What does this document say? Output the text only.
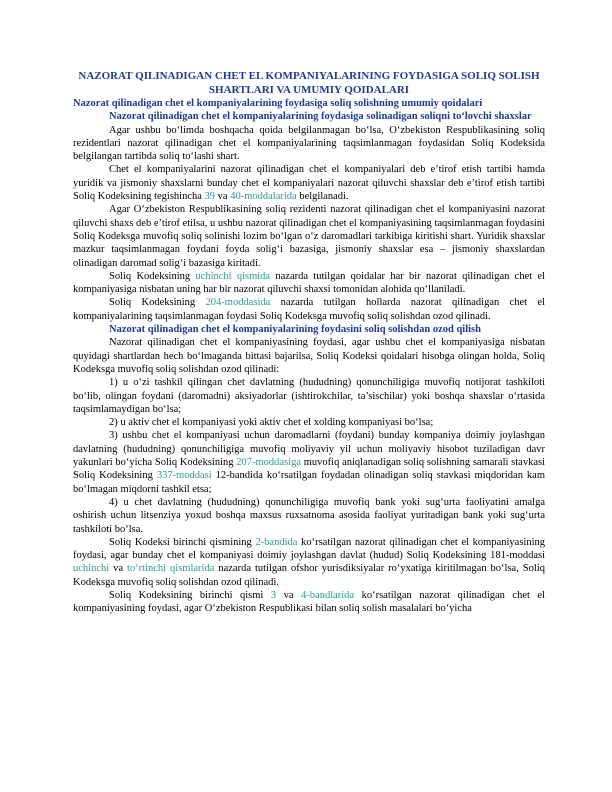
NAZORAT QILINADIGAN CHET EL KOMPANIYALARINING FOYDASIGA SOLIQ SOLISH SHARTLARI VA UMUMIY QOIDALARI

Nazorat qilinadigan chet el kompaniyalarining foydasiga soliq solishning umumiy qoidalari

Nazorat qilinadigan chet el kompaniyalarining foydasiga solinadigan soliqni to‘lovchi shaxslar

Agar ushbu bo‘limda boshqacha qoida belgilanmagan bo‘lsa, O‘zbekiston Respublikasining soliq rezidentlari nazorat qilinadigan chet el kompaniyalarining taqsimlanmagan foydasidan Soliq Kodeksida belgilangan tartibda soliq to‘lashi shart.

Chet el kompaniyalarini nazorat qilinadigan chet el kompaniyalari deb e’tirof etish tartibi hamda yuridik va jismoniy shaxslarni bunday chet el kompaniyalari nazorat qiluvchi shaxslar deb e’tirof etish tartibi Soliq Kodeksining tegishincha 39 va 40-moddalarida belgilanadi.

Agar O‘zbekiston Respublikasining soliq rezidenti nazorat qilinadigan chet el kompaniyasini nazorat qiluvchi shaxs deb e’tirof etilsa, u ushbu nazorat qilinadigan chet el kompaniyasining taqsimlanmagan foydasini Soliq Kodeksga muvofiq soliq solinishi lozim bo‘lgan o‘z daromadlari tarkibiga kiritishi shart. Yuridik shaxslar mazkur taqsimlanmagan foydani foyda solig‘i bazasiga, jismoniy shaxslar esa – jismoniy shaxslardan olinadigan daromad solig‘i bazasiga kiritadi.

Soliq Kodeksining uchinchi qismida nazarda tutilgan qoidalar har bir nazorat qilinadigan chet el kompaniyasiga nisbatan uning har bir nazorat qiluvchi shaxsi tomonidan alohida qo‘llaniladi.

Soliq Kodeksining 204-moddasida nazarda tutilgan hollarda nazorat qilinadigan chet el kompaniyalarining taqsimlanmagan foydasi Soliq Kodeksga muvofiq soliq solishdan ozod qilinadi.

Nazorat qilinadigan chet el kompaniyalarining foydasini soliq solishdan ozod qilish

Nazorat qilinadigan chet el kompaniyasining foydasi, agar ushbu chet el kompaniyasiga nisbatan quyidagi shartlardan hech bo‘lmaganda bittasi bajarilsa, Soliq Kodeksi qoidalari hisobga olingan holda, Soliq Kodeksga muvofiq soliq solishdan ozod qilinadi:

1) u o‘zi tashkil qilingan chet davlatning (hududning) qonunchiligiga muvofiq notijorat tashkiloti bo‘lib, olingan foydani (daromadni) aksiyadorlar (ishtirokchilar, ta’sischilar) yoki boshqa shaxslar o‘rtasida taqsimlamaydigan bo‘lsa;

2) u aktiv chet el kompaniyasi yoki aktiv chet el xolding kompaniyasi bo‘lsa;

3) ushbu chet el kompaniyasi uchun daromadlarni (foydani) bunday kompaniya doimiy joylashgan davlatning (hududning) qonunchiligiga muvofiq moliyaviy yil uchun moliyaviy hisobot tuziladigan davr yakunlari bo‘yicha Soliq Kodeksining 207-moddasiga muvofiq aniqlanadigan soliq solishning samarali stavkasi Soliq Kodeksining 337-moddasi 12-bandida ko‘rsatilgan foydadan olinadigan soliq stavkasi miqdoridan kam bo‘lmagan miqdorni tashkil etsa;

4) u chet davlatning (hududning) qonunchiligiga muvofiq bank yoki sug‘urta faoliyatini amalga oshirish uchun litsenziya yoxud boshqa maxsus ruxsatnoma asosida faoliyat yuritadigan bank yoki sug‘urta tashkiloti bo‘lsa.

Soliq Kodeksi birinchi qismining 2-bandida ko‘rsatilgan nazorat qilinadigan chet el kompaniyasining foydasi, agar bunday chet el kompaniyasi doimiy joylashgan davlat (hudud) Soliq Kodeksining 181-moddasi uchinchi va to‘rtinchi qismlarida nazarda tutilgan ofshor yurisdiksiyalar ro‘yxatiga kiritilmagan bo‘lsa, Soliq Kodeksga muvofiq soliq solishdan ozod qilinadi.

Soliq Kodeksining birinchi qismi 3 va 4-bandlarida ko‘rsatilgan nazorat qilinadigan chet el kompaniyasining foydasi, agar O‘zbekiston Respublikasi bilan soliq solish masalalari bo‘yicha
